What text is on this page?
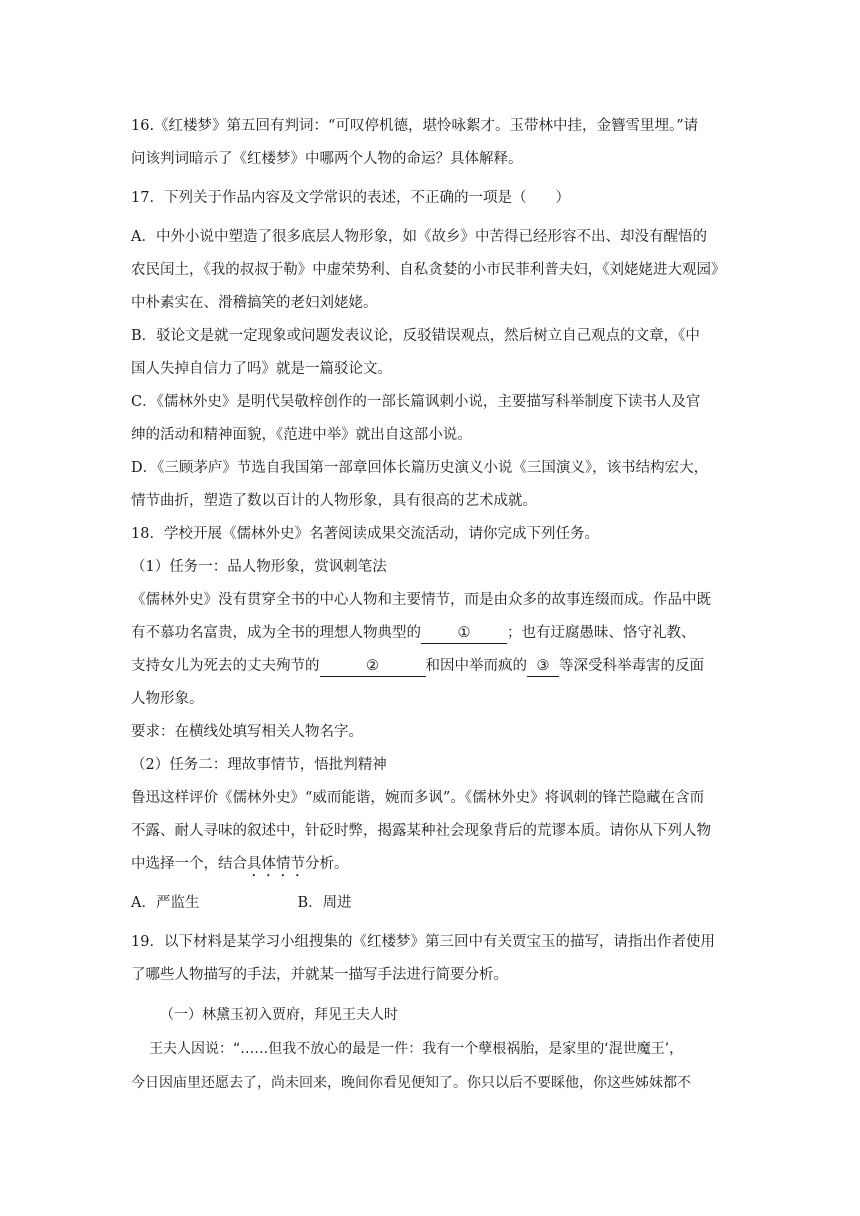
16.《红楼梦》第五回有判词：“可叹停机德，堪怜咏絮才。玉带林中挂，金簪雪里埋。”请
问该判词暗示了《红楼梦》中哪两个人物的命运？具体解释。
17．下列关于作品内容及文学常识的表述，不正确的一项是（　　）
A．中外小说中塑造了很多底层人物形象，如《故乡》中苦得已经形容不出、却没有醒悟的
农民闰土，《我的叔叔于勒》中虚荣势利、自私贪婪的小市民菲利普夫妇，《刘姥姥进大观园》
中朴素实在、滑稽搞笑的老妇刘姥姥。
B．驳论文是就一定现象或问题发表议论，反驳错误观点，然后树立自己观点的文章，《中
国人失掉自信力了吗》就是一篇驳论文。
C．《儒林外史》是明代吴敬梓创作的一部长篇讽刺小说，主要描写科举制度下读书人及官
绅的活动和精神面貌，《范进中举》就出自这部小说。
D．《三顾茅庐》节选自我国第一部章回体长篇历史演义小说《三国演义》，该书结构宏大，
情节曲折，塑造了数以百计的人物形象，具有很高的艺术成就。
18．学校开展《儒林外史》名著阅读成果交流活动，请你完成下列任务。
（1）任务一：品人物形象，赏讽刺笔法
《儒林外史》没有贯穿全书的中心人物和主要情节，而是由众多的故事连缀而成。作品中既
有不慕功名富贵，成为全书的理想人物典型的	①	；也有迂腐愚昧、恪守礼教、
支持女儿为死去的丈夫殉节的	②	和因中举而疯的 ③ 等深受科举毒害的反面
人物形象。
要求：在横线处填写相关人物名字。
（2）任务二：理故事情节，悟批判精神
鲁迅这样评价《儒林外史》“威而能谐，婉而多讽”。《儒林外史》将讽刺的锋芒隐藏在含而
不露、耐人寻味的叙述中，针砭时弊，揭露某种社会现象背后的荒谬本质。请你从下列人物
中选择一个，结合具体情节分析。
A．严监生	B．周进
19．以下材料是某学习小组搜集的《红楼梦》第三回中有关贾宝玉的描写，请指出作者使用
了哪些人物描写的手法，并就某一描写手法进行简要分析。
（一）林黛玉初入贾府，拜见王夫人时
王夫人因说：“……但我不放心的最是一件：我有一个孽根祸胎，是家里的‘混世魔王’，
今日因庙里还愿去了，尚未回来，晚间你看见便知了。你只以后不要睬他，你这些姊妹都不
